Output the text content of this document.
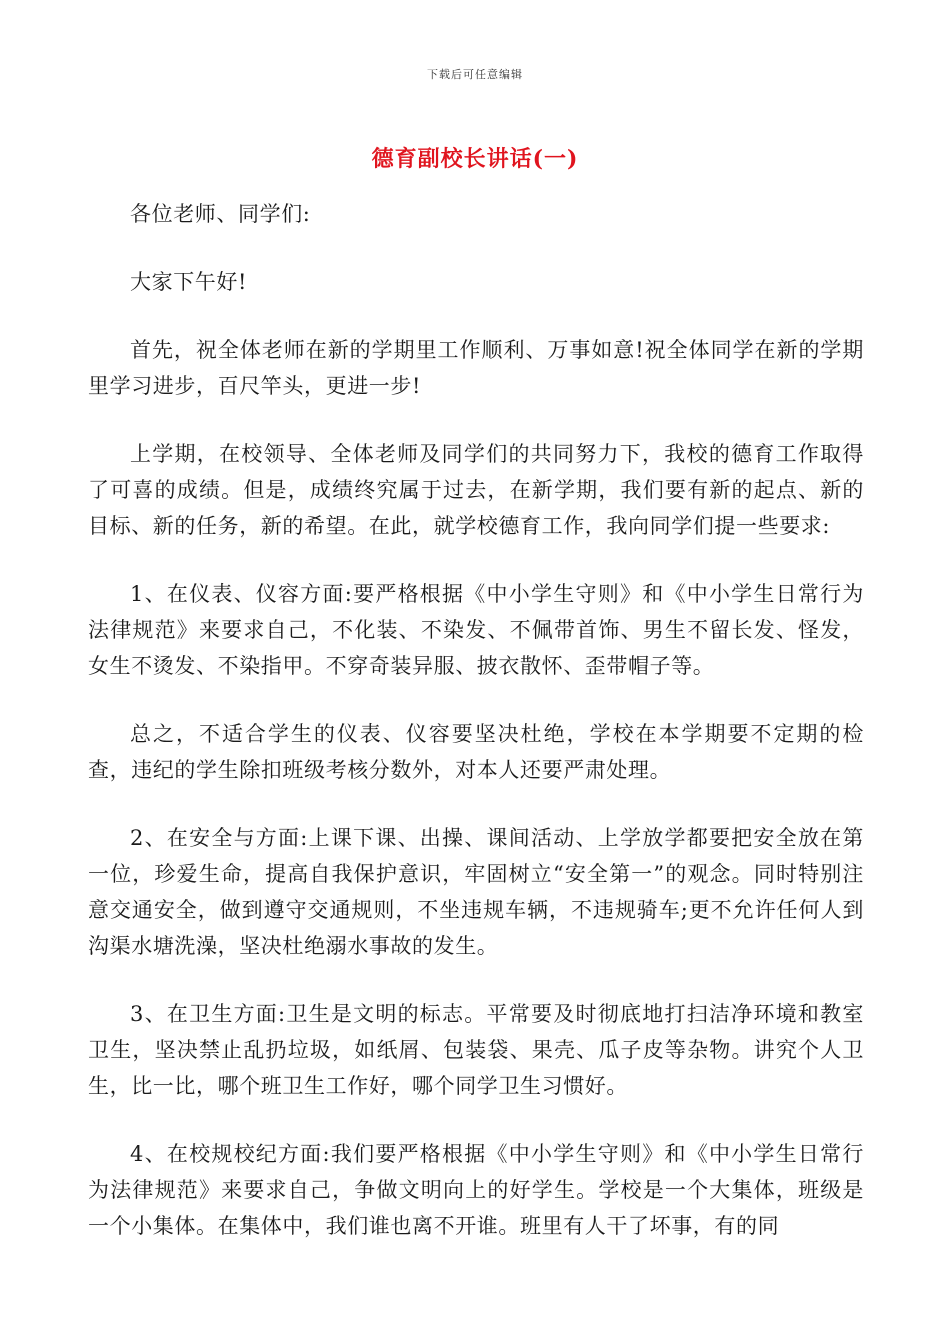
下载后可任意编辑
德育副校长讲话(一)

各位老师、同学们:

大家下午好!

首先，祝全体老师在新的学期里工作顺利、万事如意!祝全体同学在新的学期里学习进步，百尺竿头，更进一步!

上学期，在校领导、全体老师及同学们的共同努力下，我校的德育工作取得了可喜的成绩。但是，成绩终究属于过去，在新学期，我们要有新的起点、新的目标、新的任务，新的希望。在此，就学校德育工作，我向同学们提一些要求:

1、在仪表、仪容方面:要严格根据《中小学生守则》和《中小学生日常行为法律规范》来要求自己，不化装、不染发、不佩带首饰、男生不留长发、怪发，女生不烫发、不染指甲。不穿奇装异服、披衣散怀、歪带帽子等。

总之，不适合学生的仪表、仪容要坚决杜绝，学校在本学期要不定期的检查，违纪的学生除扣班级考核分数外，对本人还要严肃处理。

2、在安全与方面:上课下课、出操、课间活动、上学放学都要把安全放在第一位，珍爱生命，提高自我保护意识，牢固树立“安全第一”的观念。同时特别注意交通安全，做到遵守交通规则，不坐违规车辆，不违规骑车;更不允许任何人到沟渠水塘洗澡，坚决杜绝溺水事故的发生。

3、在卫生方面:卫生是文明的标志。平常要及时彻底地打扫洁净环境和教室卫生，坚决禁止乱扔垃圾，如纸屑、包装袋、果壳、瓜子皮等杂物。讲究个人卫生，比一比，哪个班卫生工作好，哪个同学卫生习惯好。

4、在校规校纪方面:我们要严格根据《中小学生守则》和《中小学生日常行为法律规范》来要求自己，争做文明向上的好学生。学校是一个大集体，班级是一个小集体。在集体中，我们谁也离不开谁。班里有人干了坏事，有的同
